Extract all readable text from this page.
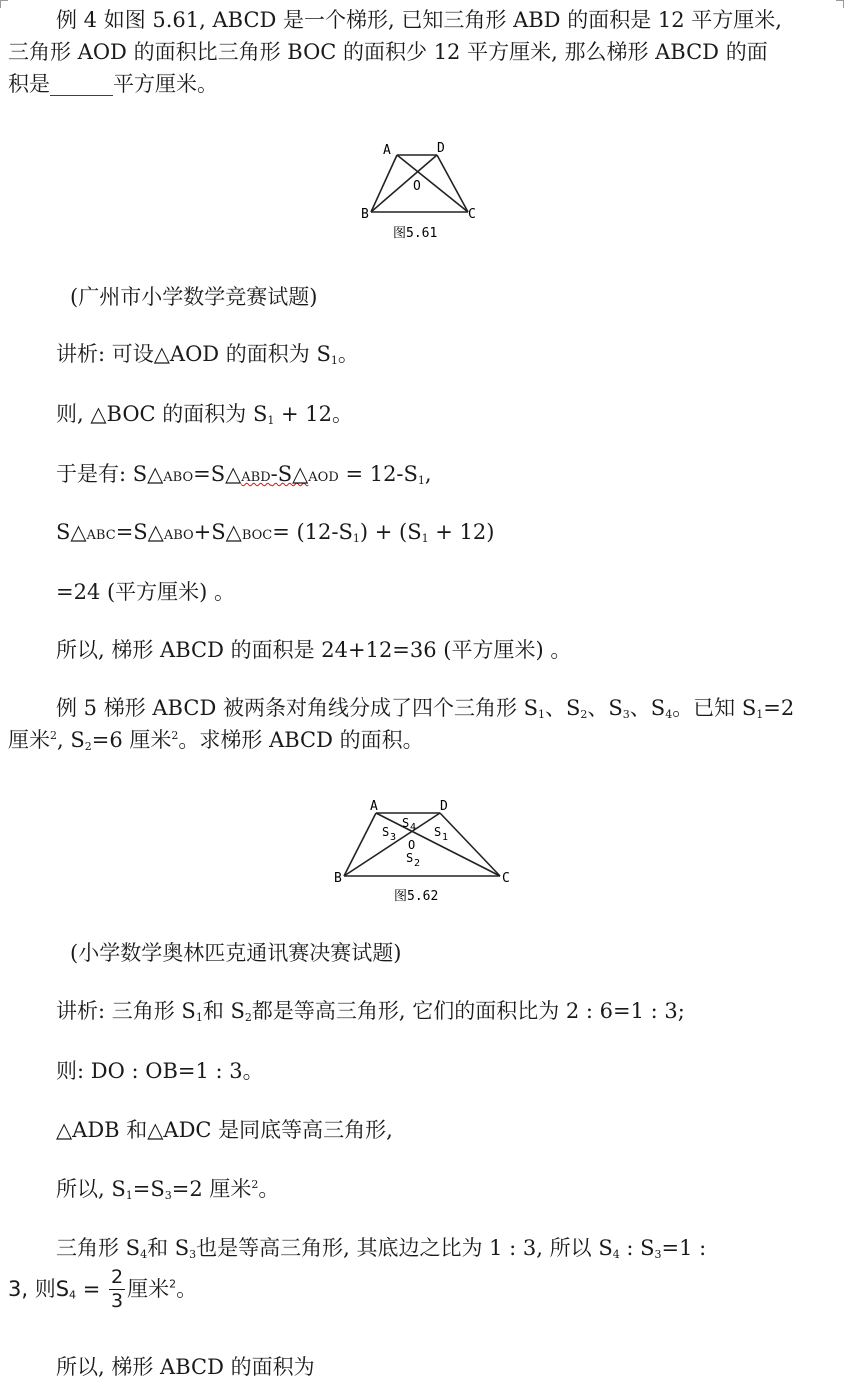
例 4 如图 5.61, ABCD 是一个梯形, 已知三角形 ABD 的面积是 12 平方厘米,
三角形 AOD 的面积比三角形 BOC 的面积少 12 平方厘米, 那么梯形 ABCD 的面
积是______平方厘米。
A	D
B	C
O
图5.61
(广州市小学数学竞赛试题)
讲析: 可设△AOD 的面积为 $S_1$。
则, △BOC 的面积为 $S_1 + 12$。
于是有: S△ABO=S△ABD-S△AOD = $12-S_1$,
S△ABC=S△ABO+S△BOC= $(12-S_1) + (S_1 + 12)$
=24 (平方厘米) 。
所以, 梯形 ABCD 的面积是 24+12=36 (平方厘米) 。
例 5 梯形 ABCD 被两条对角线分成了四个三角形 $S_1$、$S_2$、$S_3$、$S_4$。已知 $S_1=2$
厘米$^2$, $S_2=6$ 厘米$^2$。求梯形 ABCD 的面积。
A	D
B	C
O
S 4
S 3	S 1
S 2
图5.62
(小学数学奥林匹克通讯赛决赛试题)
讲析: 三角形 $S_1$和 $S_2$都是等高三角形, 它们的面积比为 2 : 6=1 : 3;
则: DO : OB=1 : 3。
△ADB 和△ADC 是同底等高三角形,
所以, $S_1=S_3=2$ 厘米$^2$。
三角形 $S_4$和 $S_3$也是等高三角形, 其底边之比为 1 : 3, 所以 $S_4$ : $S_3=1$ :
3, 则$S_4 = \frac{2}{3}$ 厘米$^2$。
所以, 梯形 ABCD 的面积为
